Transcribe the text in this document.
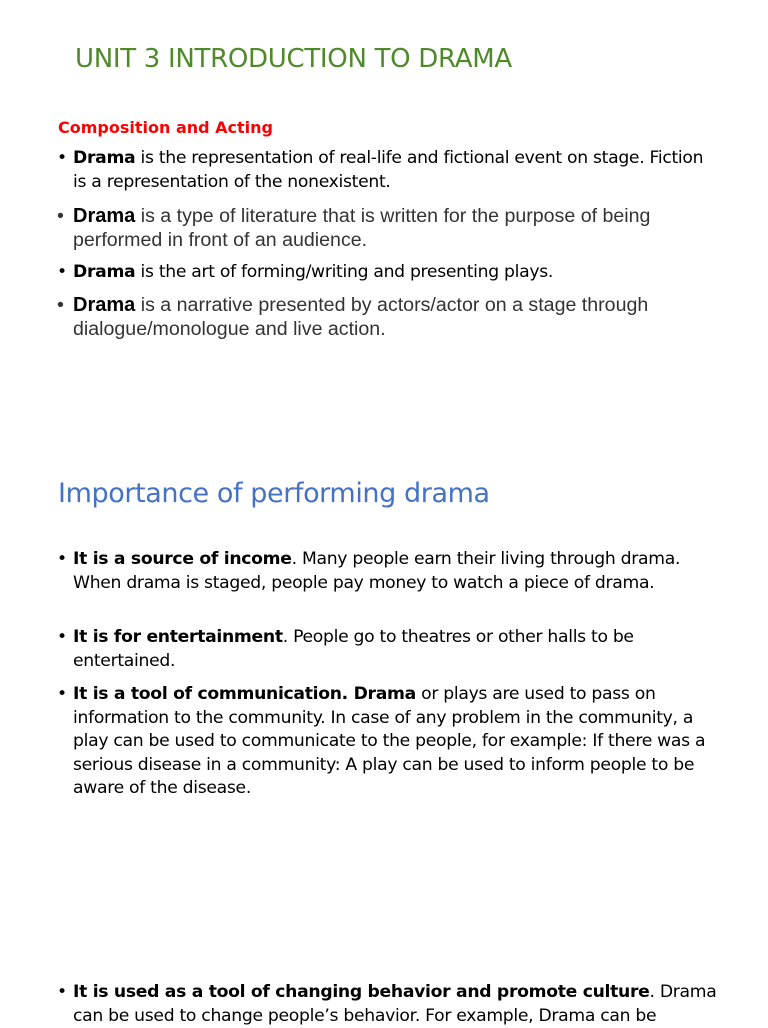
UNIT 3 INTRODUCTION TO DRAMA
Composition and Acting

• Drama is the representation of real-life and fictional event on stage. Fiction is a representation of the nonexistent.

• Drama is a type of literature that is written for the purpose of being performed in front of an audience.

• Drama is the art of forming/writing and presenting plays.

• Drama is a narrative presented by actors/actor on a stage through dialogue/monologue and live action.

Importance of performing drama

• It is a source of income. Many people earn their living through drama. When drama is staged, people pay money to watch a piece of drama.

• It is for entertainment. People go to theatres or other halls to be entertained.

• It is a tool of communication. Drama or plays are used to pass on information to the community. In case of any problem in the community, a play can be used to communicate to the people, for example: If there was a serious disease in a community: A play can be used to inform people to be aware of the disease.

• It is used as a tool of changing behavior and promote culture. Drama can be used to change people’s behavior. For example, Drama can be
